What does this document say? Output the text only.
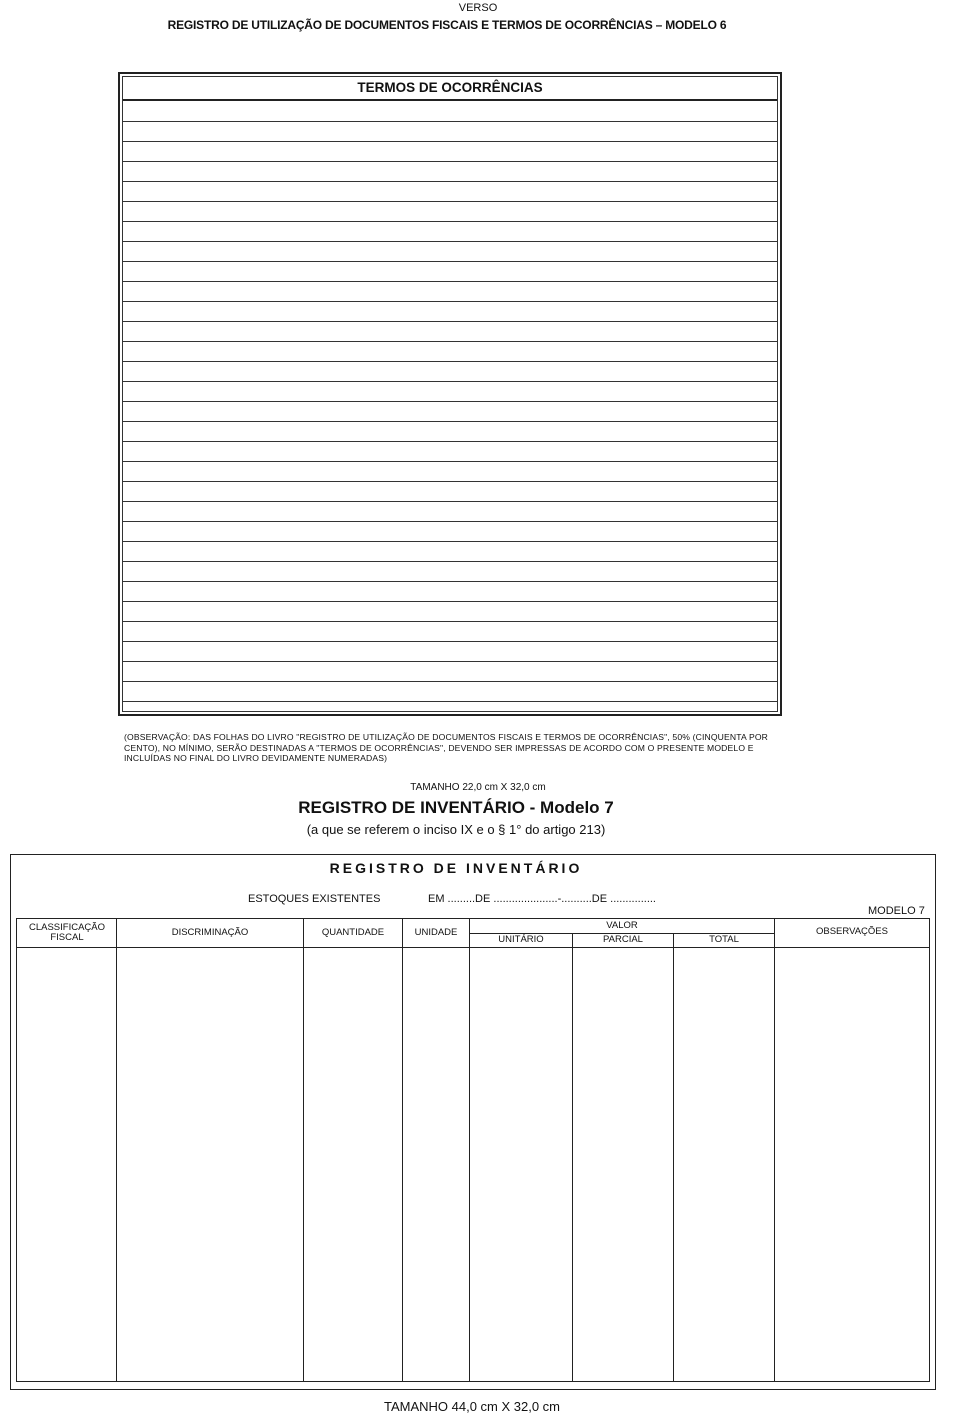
VERSO
REGISTRO DE UTILIZAÇÃO DE DOCUMENTOS FISCAIS E TERMOS DE OCORRÊNCIAS – MODELO 6
TERMOS DE OCORRÊNCIAS
(OBSERVAÇÃO: DAS FOLHAS DO LIVRO "REGISTRO DE UTILIZAÇÃO DE DOCUMENTOS FISCAIS E TERMOS DE OCORRÊNCIAS", 50% (CINQUENTA POR CENTO), NO MÍNIMO, SERÃO DESTINADAS A "TERMOS DE OCORRÊNCIAS", DEVENDO SER IMPRESSAS DE ACORDO COM O PRESENTE MODELO E INCLUÍDAS NO FINAL DO LIVRO DEVIDAMENTE NUMERADAS)
TAMANHO 22,0 cm X 32,0 cm
REGISTRO DE INVENTÁRIO - Modelo 7
(a que se referem o inciso IX e o § 1° do artigo 213)
REGISTRO DE INVENTÁRIO
ESTOQUES EXISTENTES	EM .........DE .....................-..........DE ...............
MODELO 7
CLASSIFICAÇÃO FISCAL	DISCRIMINAÇÃO	QUANTIDADE	UNIDADE
VALOR
UNITÁRIO	PARCIAL	TOTAL
OBSERVAÇÕES
TAMANHO 44,0 cm X 32,0 cm
